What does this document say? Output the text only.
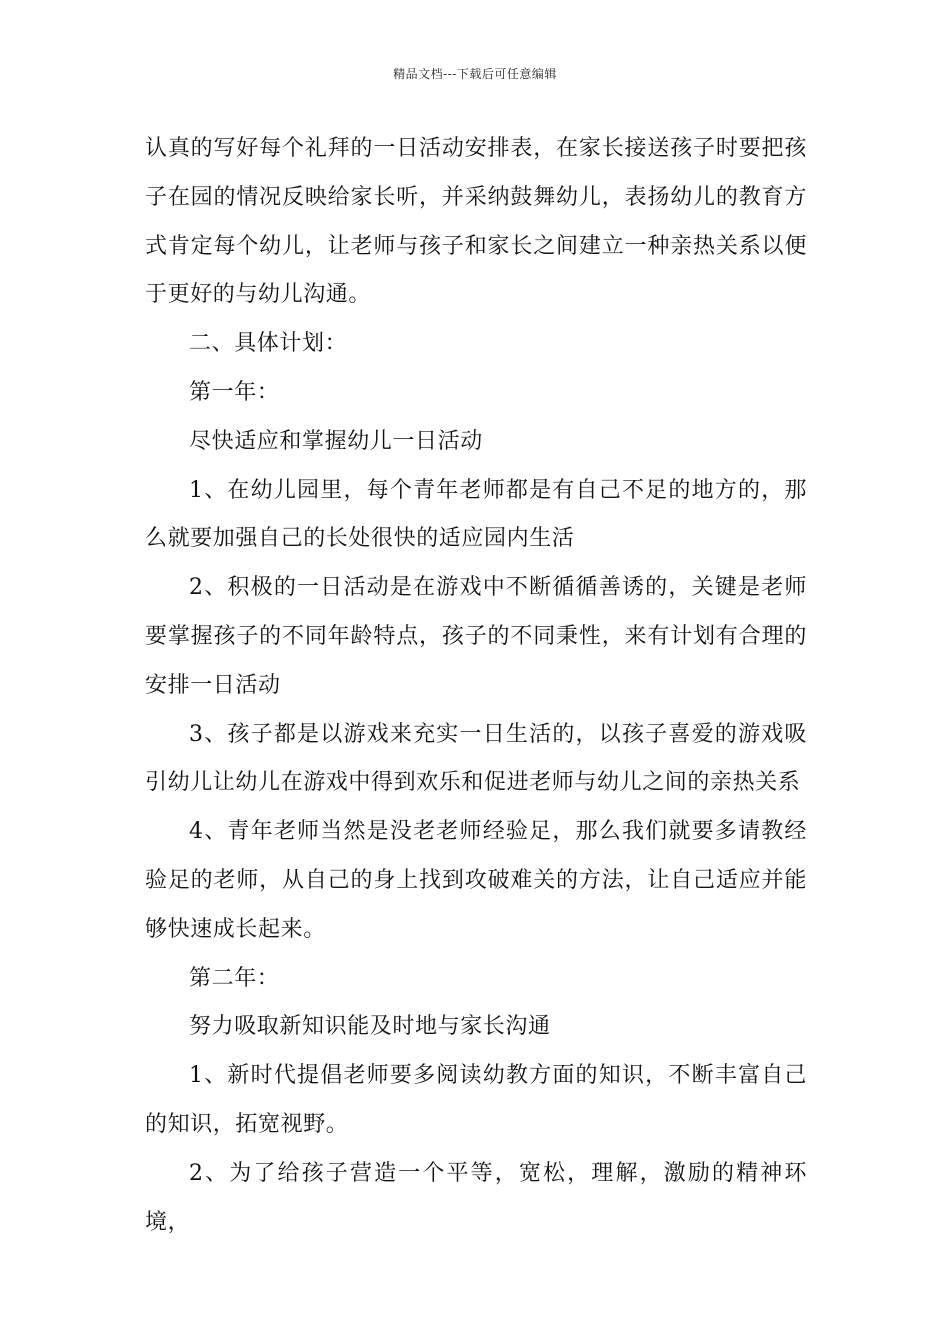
精品文档---下载后可任意编辑

认真的写好每个礼拜的一日活动安排表，在家长接送孩子时要把孩子在园的情况反映给家长听，并采纳鼓舞幼儿，表扬幼儿的教育方式肯定每个幼儿，让老师与孩子和家长之间建立一种亲热关系以便于更好的与幼儿沟通。

二、具体计划：

第一年：

尽快适应和掌握幼儿一日活动

1、在幼儿园里，每个青年老师都是有自己不足的地方的，那么就要加强自己的长处很快的适应园内生活

2、积极的一日活动是在游戏中不断循循善诱的，关键是老师要掌握孩子的不同年龄特点，孩子的不同秉性，来有计划有合理的安排一日活动

3、孩子都是以游戏来充实一日生活的，以孩子喜爱的游戏吸引幼儿让幼儿在游戏中得到欢乐和促进老师与幼儿之间的亲热关系

4、青年老师当然是没老老师经验足，那么我们就要多请教经验足的老师，从自己的身上找到攻破难关的方法，让自己适应并能够快速成长起来。

第二年：

努力吸取新知识能及时地与家长沟通

1、新时代提倡老师要多阅读幼教方面的知识，不断丰富自己的知识，拓宽视野。

2、为了给孩子营造一个平等，宽松，理解，激励的精神环境，
